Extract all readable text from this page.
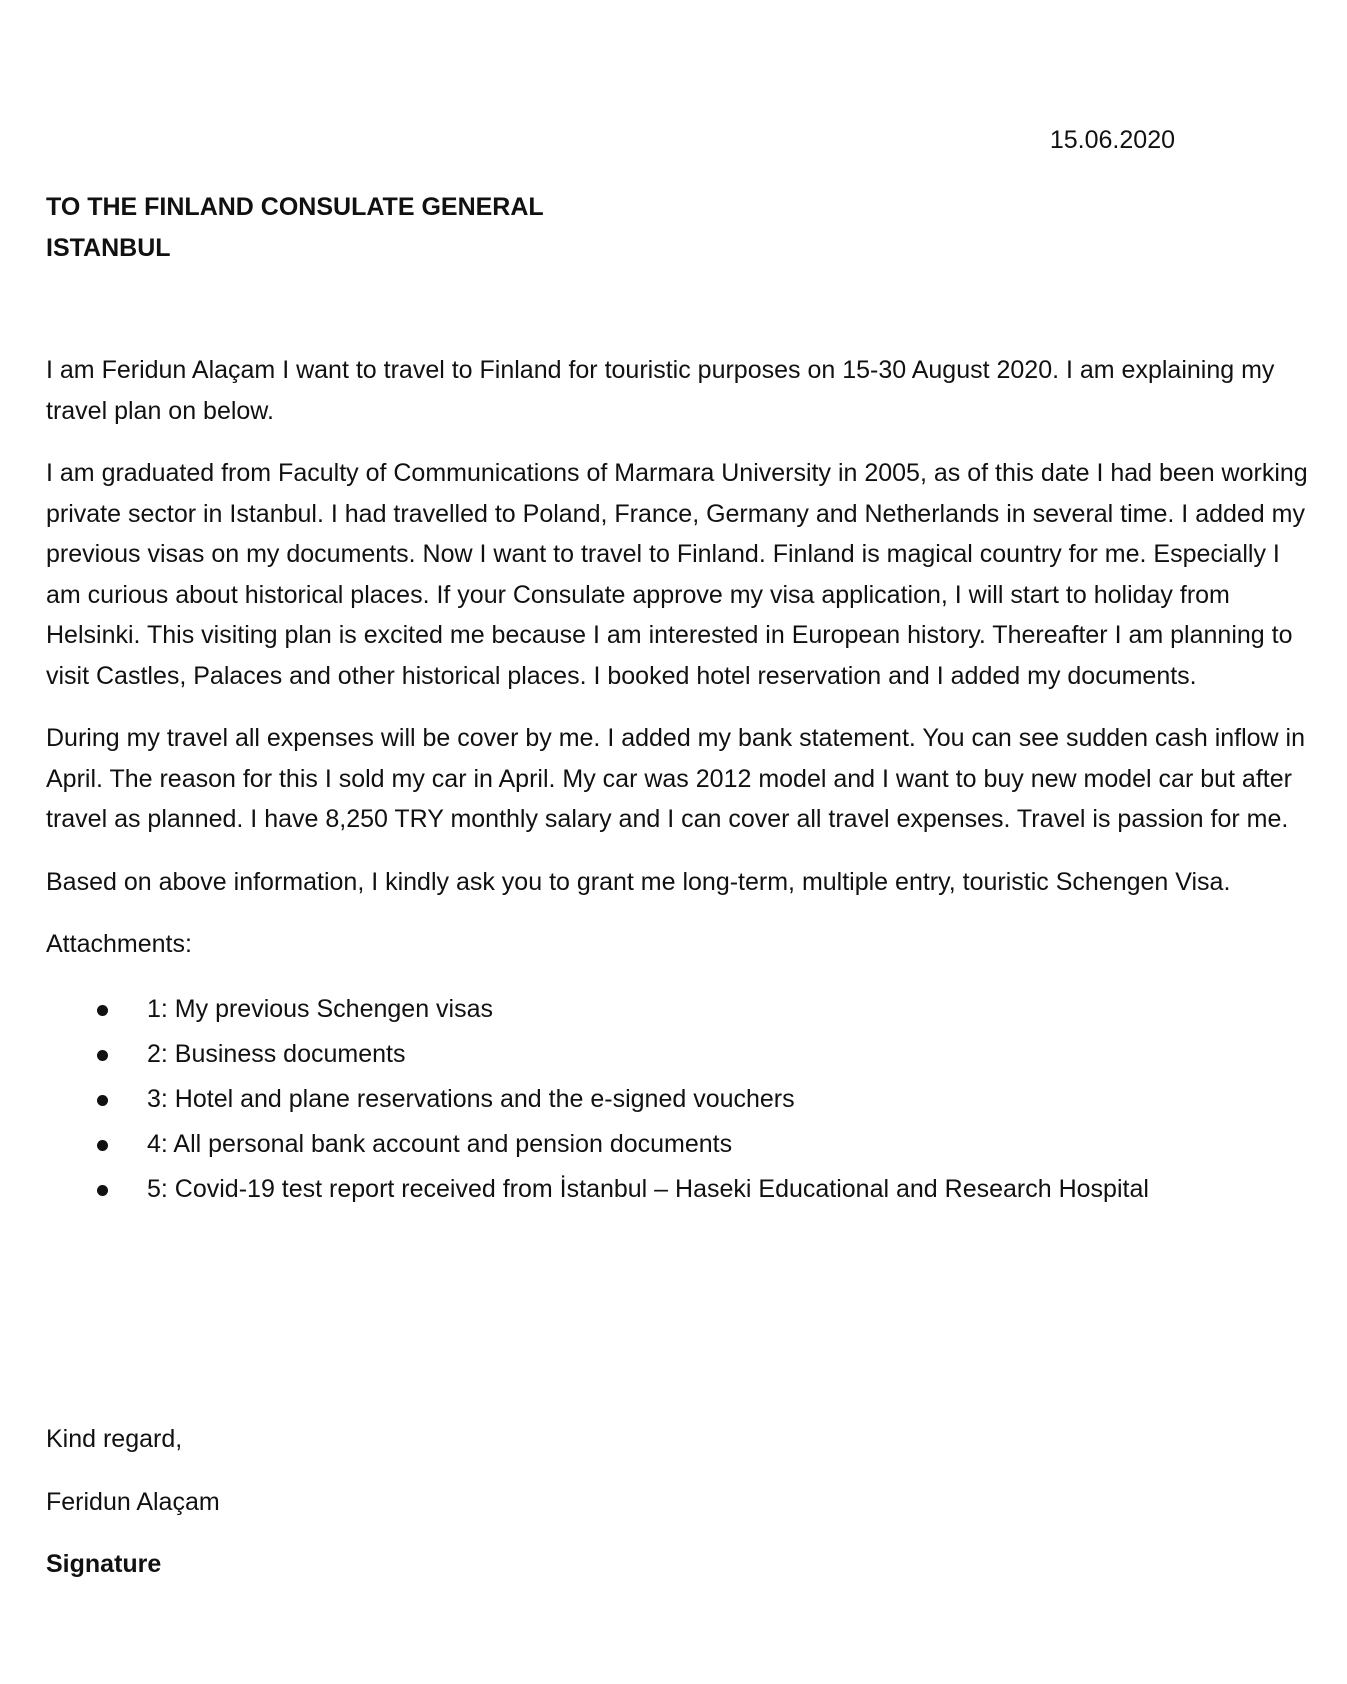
15.06.2020
TO THE FINLAND CONSULATE GENERAL
ISTANBUL

I am Feridun Alaçam I want to travel to Finland for touristic purposes on 15-30 August 2020. I am explaining my travel plan on below.

I am graduated from Faculty of Communications of Marmara University in 2005, as of this date I had been working private sector in Istanbul. I had travelled to Poland, France, Germany and Netherlands in several time. I added my previous visas on my documents. Now I want to travel to Finland. Finland is magical country for me. Especially I am curious about historical places. If your Consulate approve my visa application, I will start to holiday from Helsinki. This visiting plan is excited me because I am interested in European history. Thereafter I am planning to visit Castles, Palaces and other historical places. I booked hotel reservation and I added my documents.

During my travel all expenses will be cover by me. I added my bank statement. You can see sudden cash inflow in April. The reason for this I sold my car in April. My car was 2012 model and I want to buy new model car but after travel as planned. I have 8,250 TRY monthly salary and I can cover all travel expenses. Travel is passion for me.

Based on above information, I kindly ask you to grant me long-term, multiple entry, touristic Schengen Visa.

Attachments:

1: My previous Schengen visas
2: Business documents
3: Hotel and plane reservations and the e-signed vouchers
4: All personal bank account and pension documents
5: Covid-19 test report received from İstanbul – Haseki Educational and Research Hospital
Kind regard,
Feridun Alaçam
Signature
